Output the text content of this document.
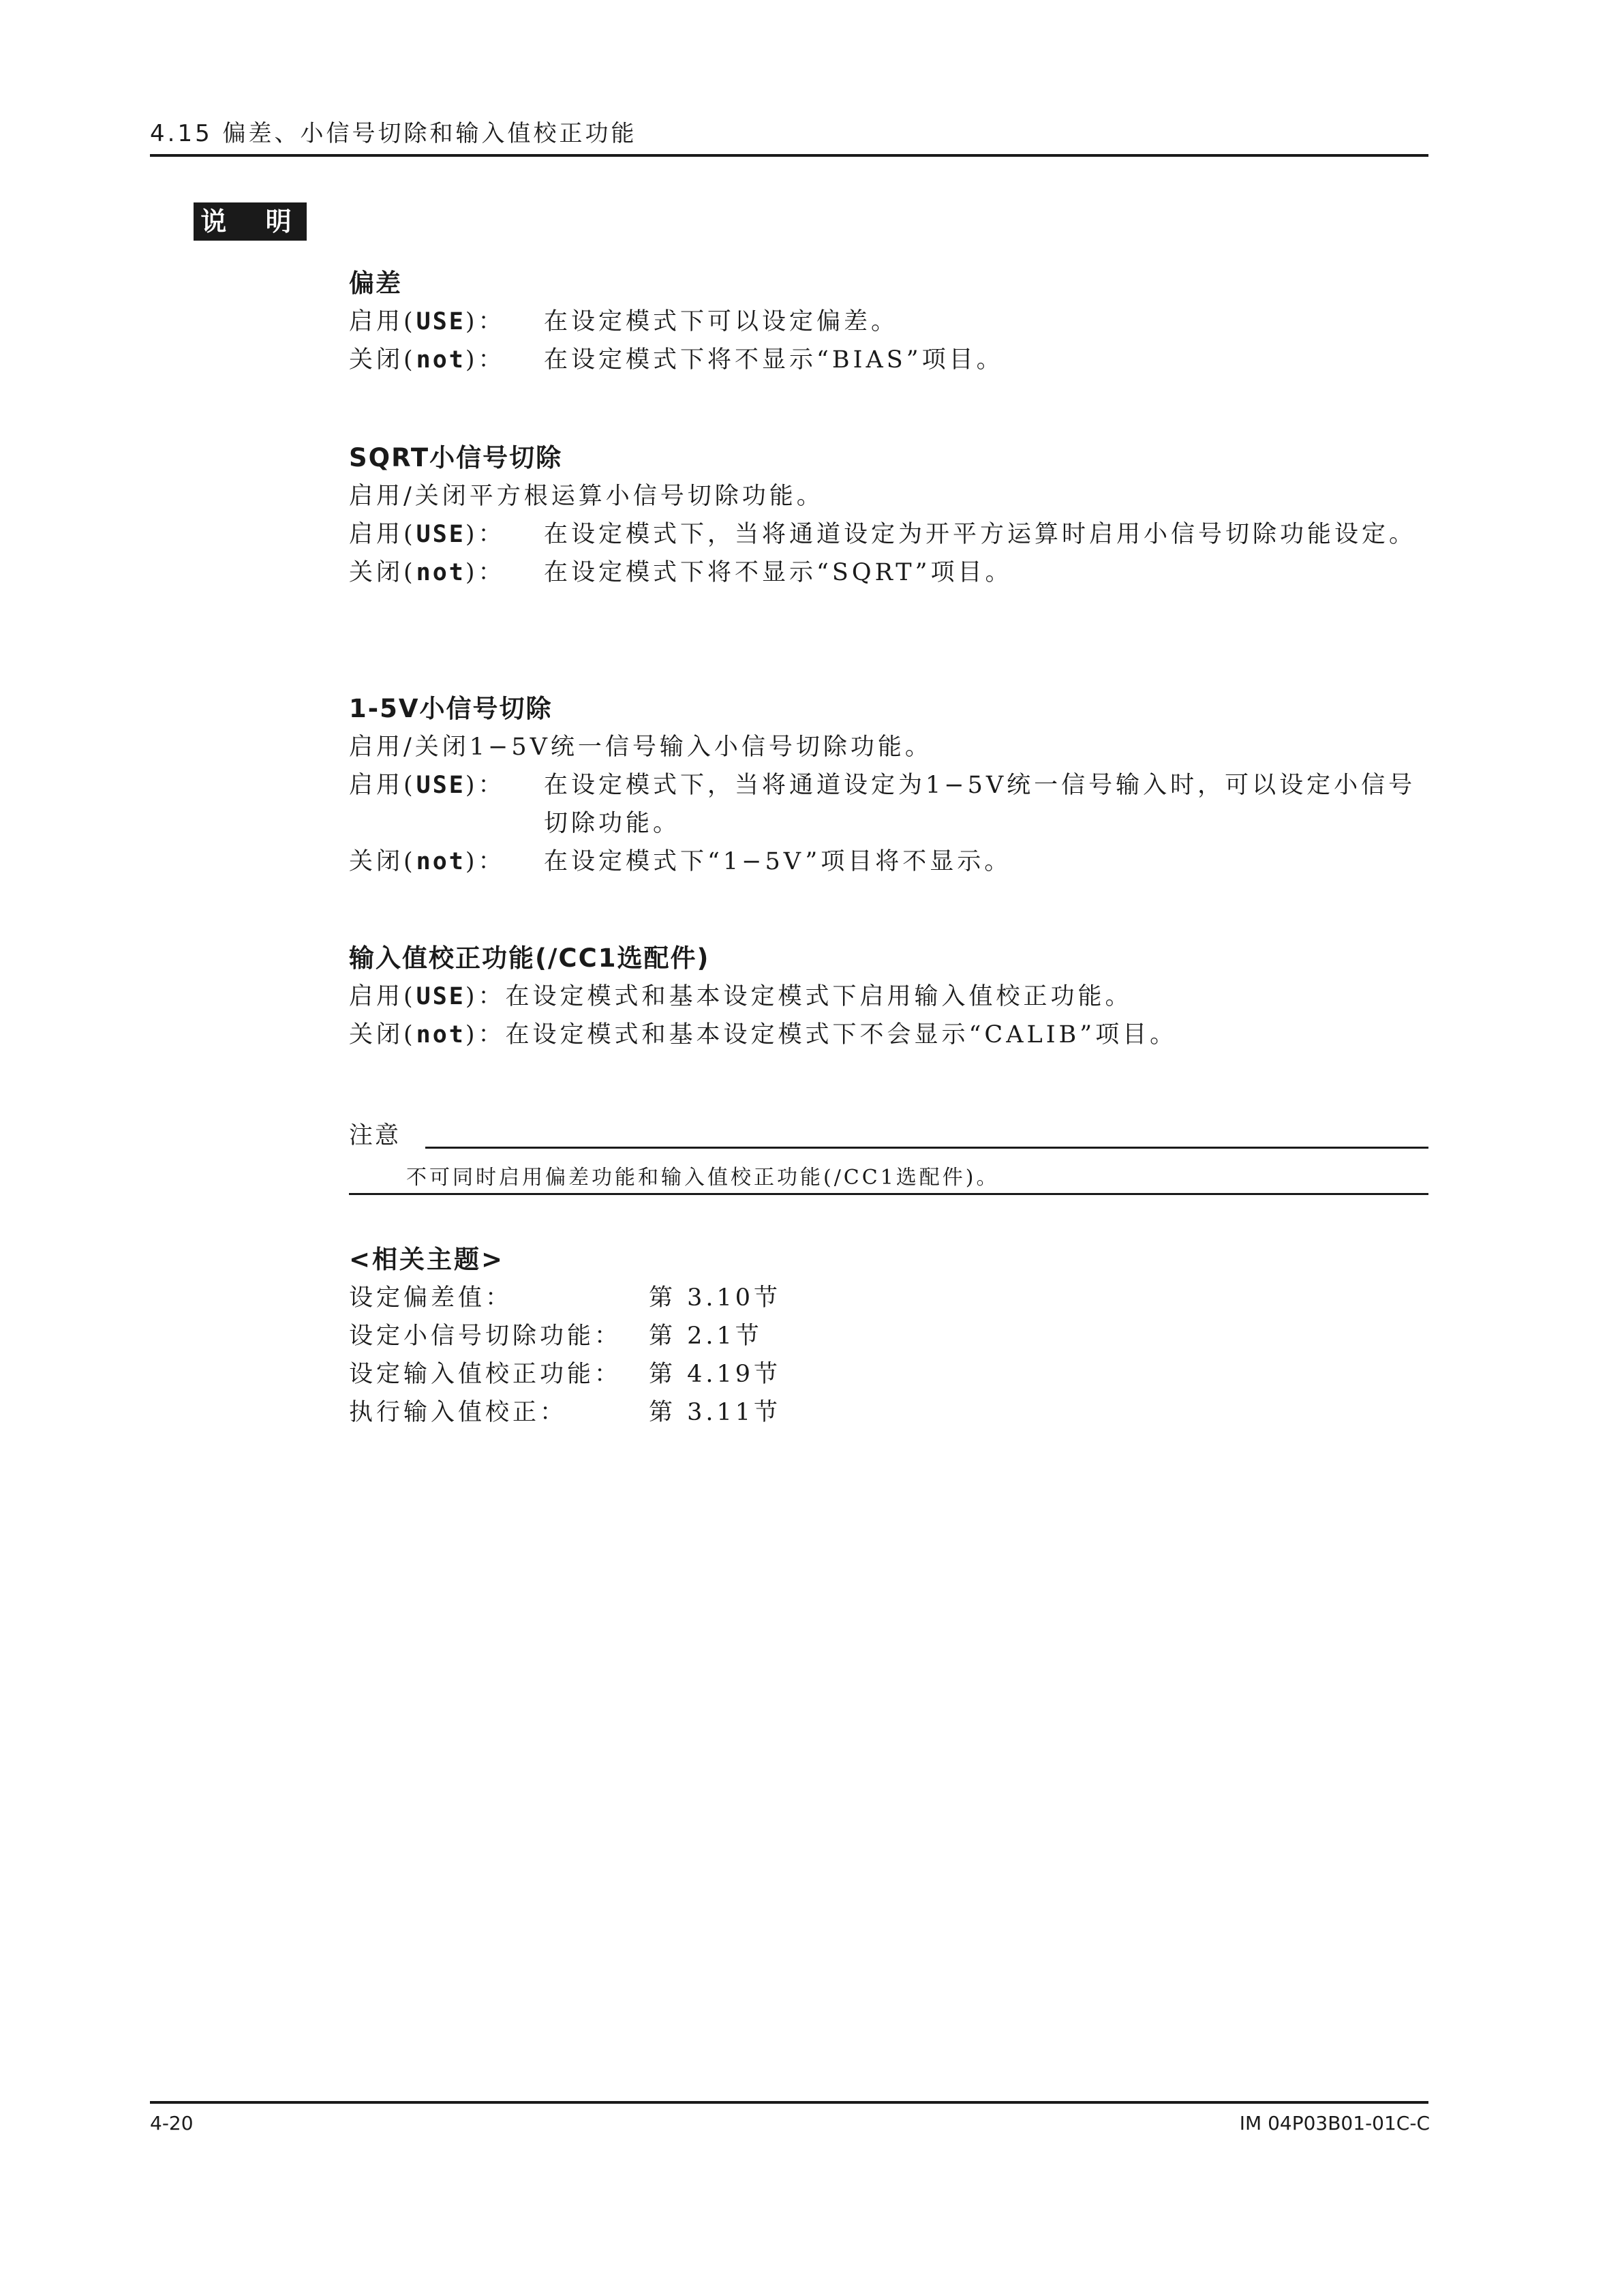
4.15 偏差、小信号切除和输入值校正功能
说 明
偏差
启用(USE)：	在设定模式下可以设定偏差。
关闭(not)：	在设定模式下将不显示“BIAS”项目。
SQRT小信号切除
启用/关闭平方根运算小信号切除功能。
启用(USE)：	在设定模式下，当将通道设定为开平方运算时启用小信号切除功能设定。
关闭(not)：	在设定模式下将不显示“SQRT”项目。
1-5V小信号切除
启用/关闭1−5V统一信号输入小信号切除功能。
启用(USE)：	在设定模式下，当将通道设定为1−5V统一信号输入时，可以设定小信号切除功能。
关闭(not)：	在设定模式下“1−5V”项目将不显示。
输入值校正功能(/CC1选配件)
启用(USE)：在设定模式和基本设定模式下启用输入值校正功能。
关闭(not)：在设定模式和基本设定模式下不会显示“CALIB”项目。
注意
不可同时启用偏差功能和输入值校正功能(/CC1选配件)。
<相关主题>
设定偏差值：	第 3.10节
设定小信号切除功能：	第 2.1节
设定输入值校正功能：	第 4.19节
执行输入值校正：	第 3.11节
4-20	IM 04P03B01-01C-C
